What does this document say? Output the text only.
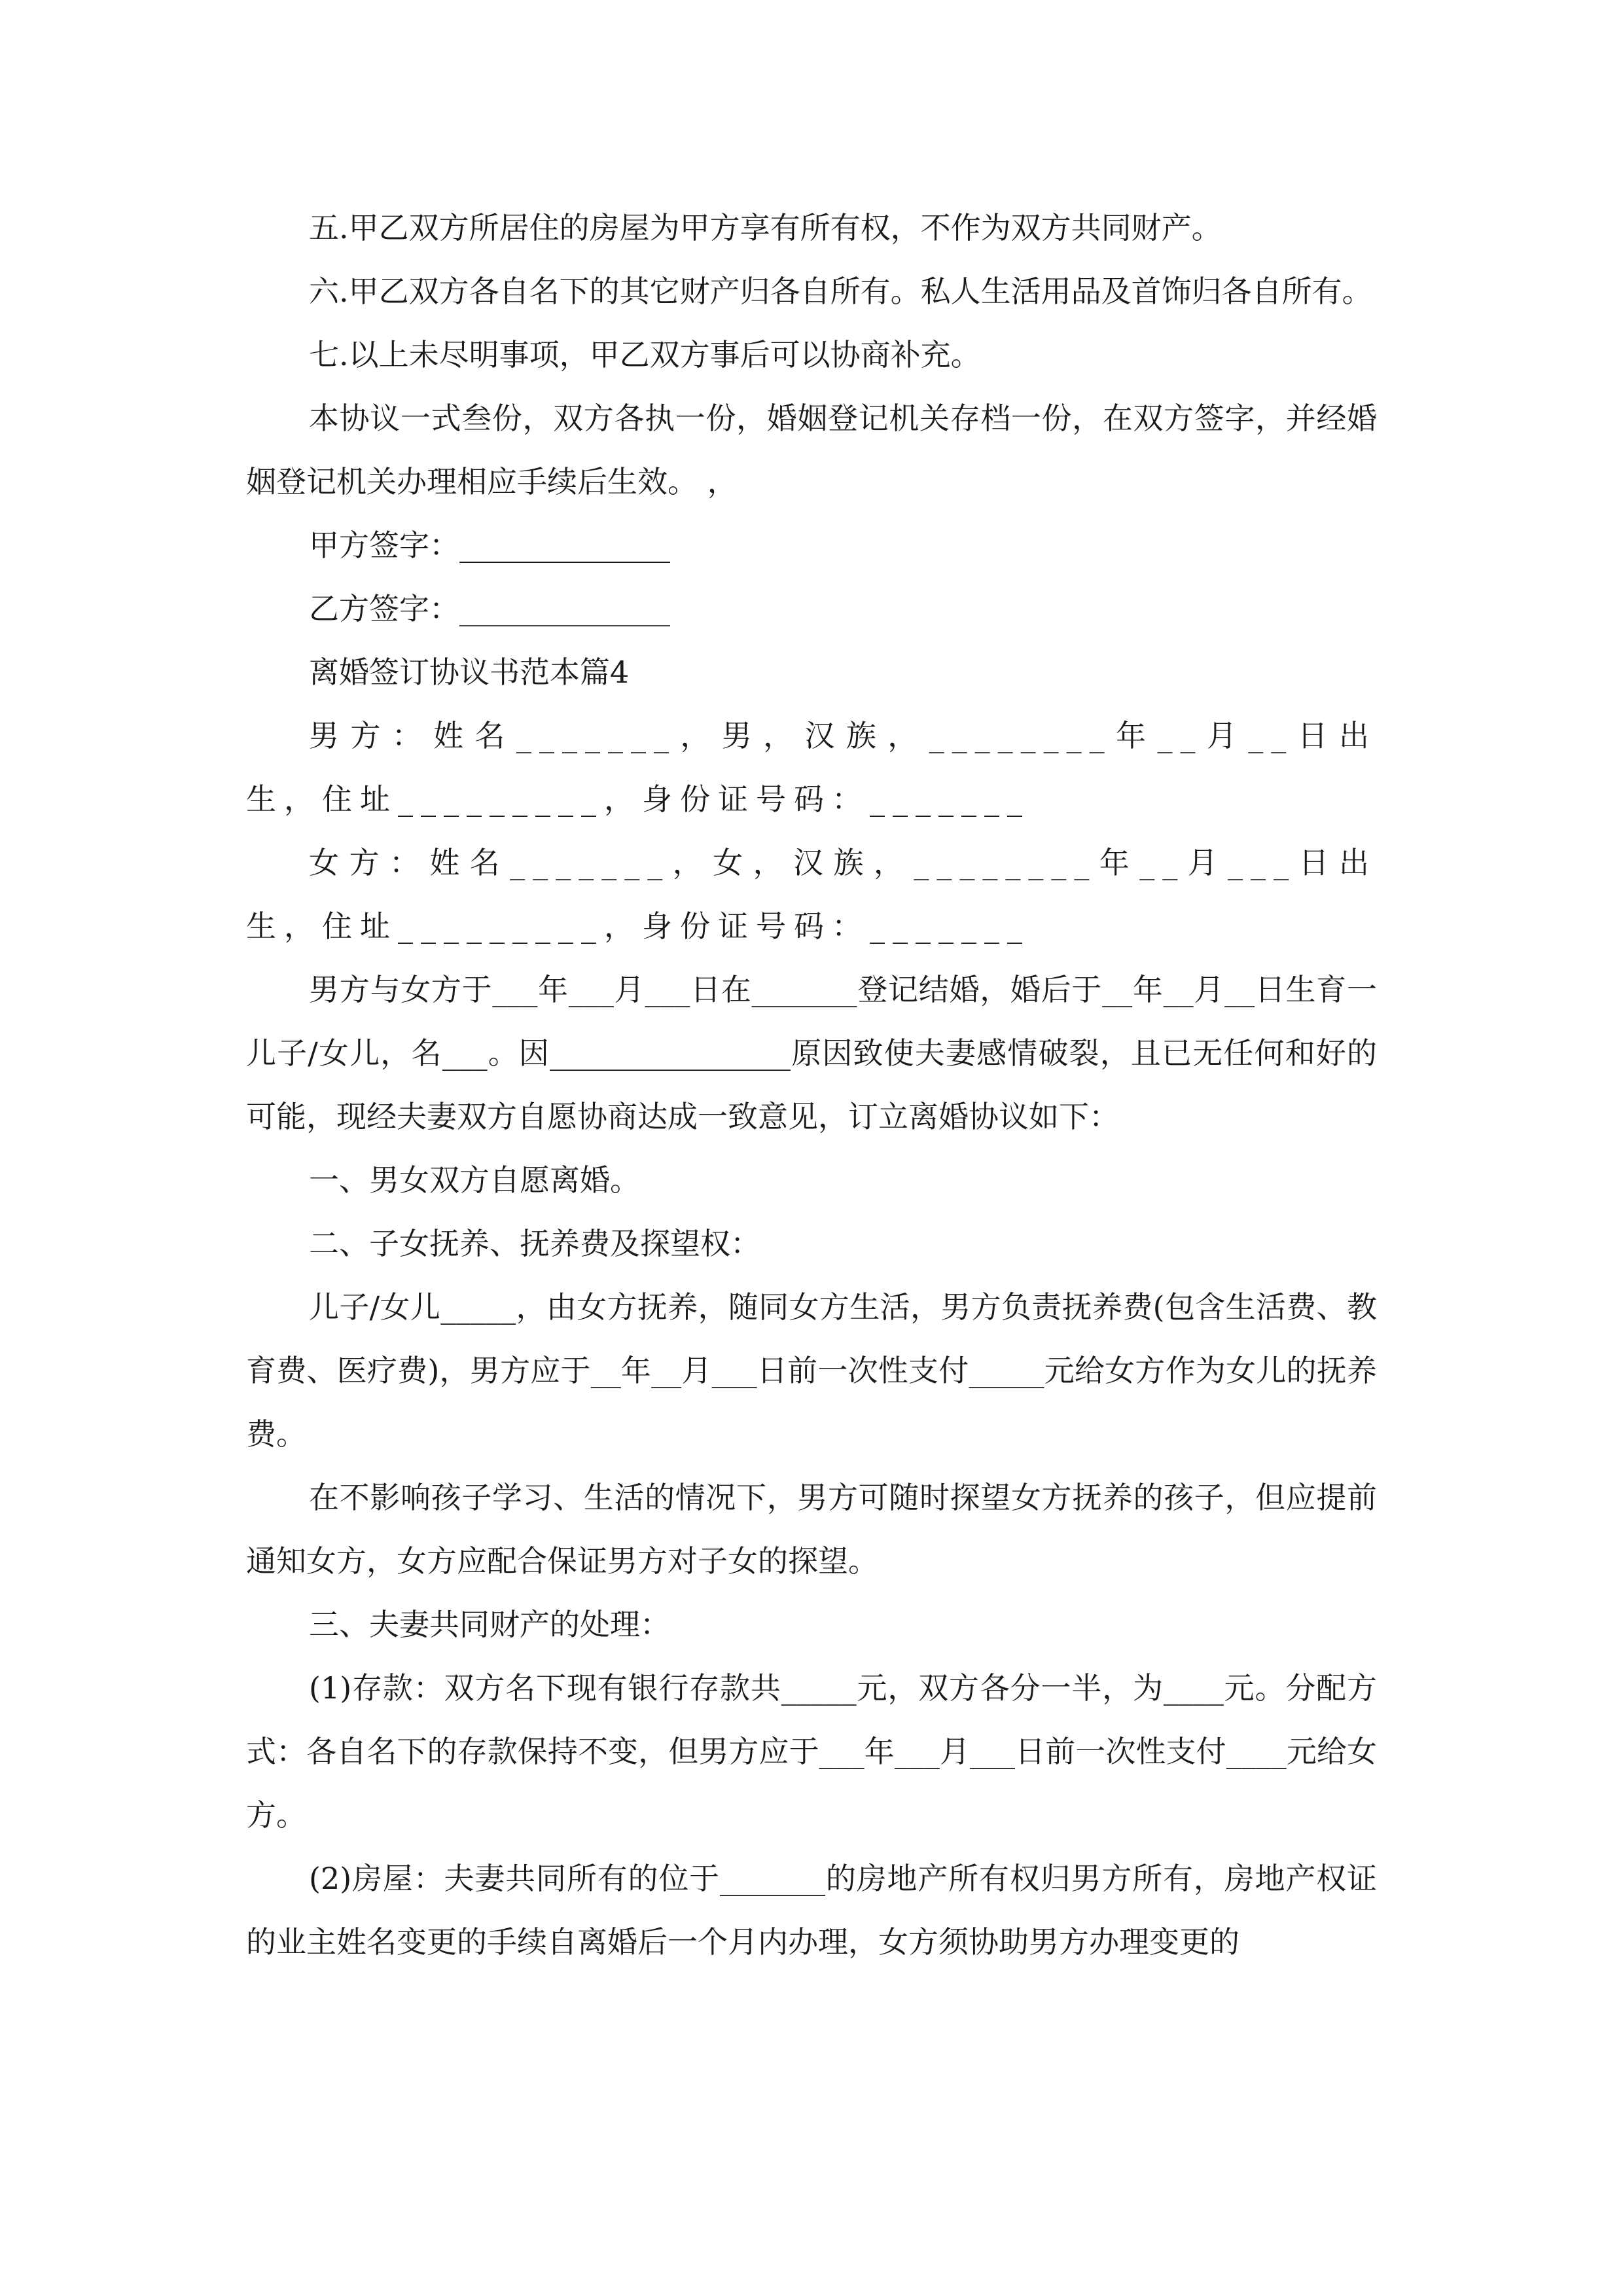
五.甲乙双方所居住的房屋为甲方享有所有权，不作为双方共同财产。

六.甲乙双方各自名下的其它财产归各自所有。私人生活用品及首饰归各自所有。

七.以上未尽明事项，甲乙双方事后可以协商补充。

本协议一式叁份，双方各执一份，婚姻登记机关存档一份，在双方签字，并经婚姻登记机关办理相应手续后生效。 ，

甲方签字：______________

乙方签字：______________

离婚签订协议书范本篇4

男方：姓名_______，男，汉族，________年__月__日出生，住址_________，身份证号码：_______

女方：姓名_______，女，汉族，________年__月___日出生，住址_________，身份证号码：_______

男方与女方于___年___月___日在_______登记结婚，婚后于__年__月__日生育一儿子/女儿，名___。因________________原因致使夫妻感情破裂，且已无任何和好的可能，现经夫妻双方自愿协商达成一致意见，订立离婚协议如下：

一、男女双方自愿离婚。

二、子女抚养、抚养费及探望权：

儿子/女儿_____，由女方抚养，随同女方生活，男方负责抚养费(包含生活费、教育费、医疗费)，男方应于__年__月___日前一次性支付_____元给女方作为女儿的抚养费。

在不影响孩子学习、生活的情况下，男方可随时探望女方抚养的孩子，但应提前通知女方，女方应配合保证男方对子女的探望。

三、夫妻共同财产的处理：

(1)存款：双方名下现有银行存款共_____元，双方各分一半，为____元。分配方式：各自名下的存款保持不变，但男方应于___年___月___日前一次性支付____元给女方。

(2)房屋：夫妻共同所有的位于_______的房地产所有权归男方所有，房地产权证的业主姓名变更的手续自离婚后一个月内办理，女方须协助男方办理变更的
